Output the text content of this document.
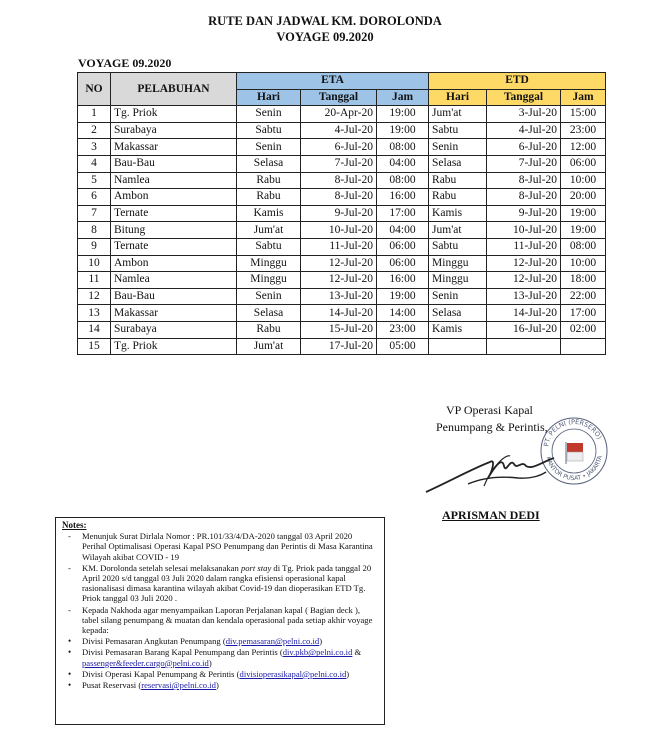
RUTE DAN JADWAL KM. DOROLONDA
VOYAGE 09.2020
VOYAGE 09.2020
NO	PELABUHAN	ETA			ETD		
		Hari	Tanggal	Jam	Hari	Tanggal	Jam
1	Tg. Priok	Senin	20-Apr-20	19:00	Jum'at	3-Jul-20	15:00
2	Surabaya	Sabtu	4-Jul-20	19:00	Sabtu	4-Jul-20	23:00
3	Makassar	Senin	6-Jul-20	08:00	Senin	6-Jul-20	12:00
4	Bau-Bau	Selasa	7-Jul-20	04:00	Selasa	7-Jul-20	06:00
5	Namlea	Rabu	8-Jul-20	08:00	Rabu	8-Jul-20	10:00
6	Ambon	Rabu	8-Jul-20	16:00	Rabu	8-Jul-20	20:00
7	Ternate	Kamis	9-Jul-20	17:00	Kamis	9-Jul-20	19:00
8	Bitung	Jum'at	10-Jul-20	04:00	Jum'at	10-Jul-20	19:00
9	Ternate	Sabtu	11-Jul-20	06:00	Sabtu	11-Jul-20	08:00
10	Ambon	Minggu	12-Jul-20	06:00	Minggu	12-Jul-20	10:00
11	Namlea	Minggu	12-Jul-20	16:00	Minggu	12-Jul-20	18:00
12	Bau-Bau	Senin	13-Jul-20	19:00	Senin	13-Jul-20	22:00
13	Makassar	Selasa	14-Jul-20	14:00	Selasa	14-Jul-20	17:00
14	Surabaya	Rabu	15-Jul-20	23:00	Kamis	16-Jul-20	02:00
15	Tg. Priok	Jum'at	17-Jul-20	05:00			
VP Operasi Kapal
Penumpang & Perintis,
PT. PELNI (PERSERO)
KANTOR PUSAT • JAKARTA
APRISMAN DEDI
Notes:
- Menunjuk Surat Dirlala Nomor : PR.101/33/4/DA-2020 tanggal 03 April 2020 Perihal Optimalisasi Operasi Kapal PSO Penumpang dan Perintis di Masa Karantina Wilayah akibat COVID - 19
- KM. Dorolonda setelah selesai melaksanakan port stay di Tg. Priok pada tanggal 20 April 2020 s/d tanggal 03 Juli 2020 dalam rangka efisiensi operasional kapal rasionalisasi dimasa karantina wilayah akibat Covid-19 dan dioperasikan ETD Tg. Priok tanggal 03 Juli 2020 .
- Kepada Nakhoda agar menyampaikan Laporan Perjalanan kapal ( Bagian deck ), tabel silang penumpang & muatan dan kendala operasional pada setiap akhir voyage kepada:
• Divisi Pemasaran Angkutan Penumpang (div.pemasaran@pelni.co.id)
• Divisi Pemasaran Barang Kapal Penumpang dan Perintis (div.pkb@pelni.co.id & passenger&feeder.cargo@pelni.co.id)
• Divisi Operasi Kapal Penumpang & Perintis (divisioperasikapal@pelni.co.id)
• Pusat Reservasi (reservasi@pelni.co.id)
